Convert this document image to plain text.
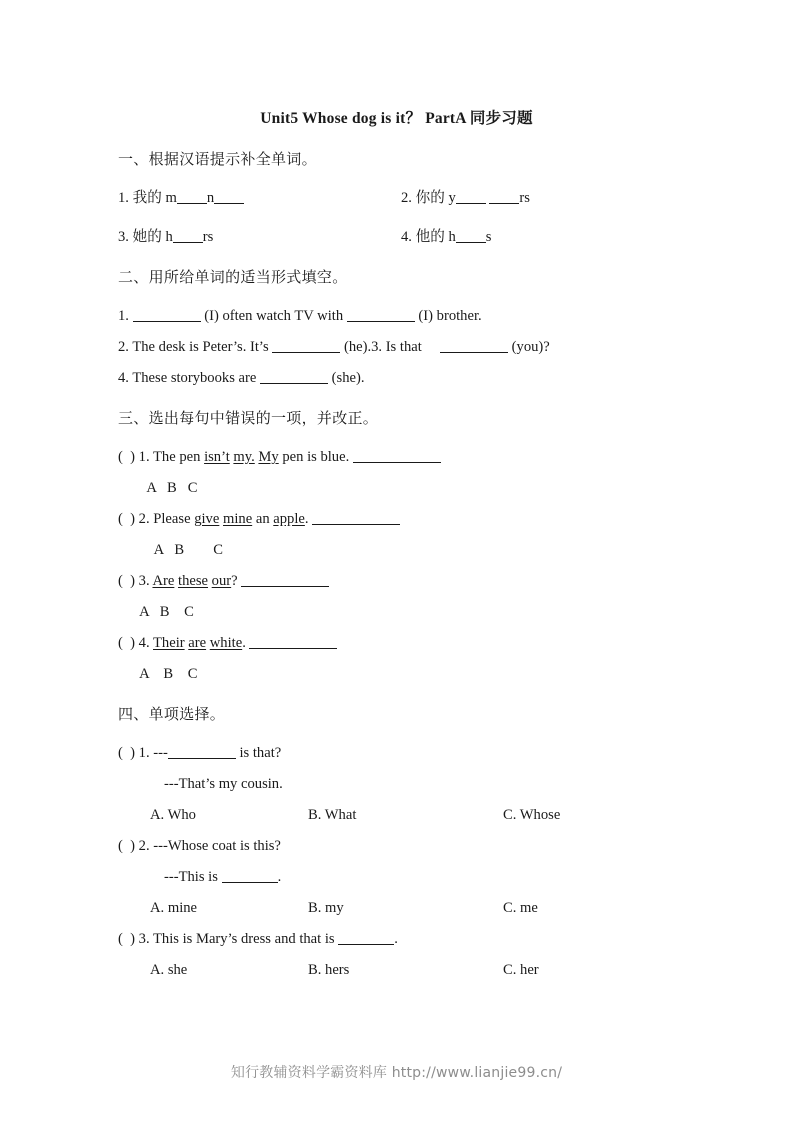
Unit5 Whose dog is it？ PartA 同步习题
一、根据汉语提示补全单词。
1. 我的 m n	2. 你的 y	rs
3. 她的 h rs	4. 他的 h s
二、用所给单词的适当形式填空。
1.	(I) often watch TV with	(I) brother.
2. The desk is Peter’s. It’s	(he).3. Is that	(you)?
4. These storybooks are	(she).
三、选出每句中错误的一项，并改正。
(  ) 1. The pen isn’t my. My pen is blue.
A   B   C
(  ) 2. Please give mine an apple.
A   B        C
(  ) 3. Are these our?
A   B    C
(  ) 4. Their are white.
A    B    C
四、单项选择。
(  ) 1. ---	is that?
---That’s my cousin.
A. Who	B. What	C. Whose
(  ) 2. ---Whose coat is this?
---This is	.
A. mine	B. my	C. me
(  ) 3. This is Mary’s dress and that is	.
A. she	B. hers	C. her
知行教辅资料学霸资料库 http://www.lianjie99.cn/
